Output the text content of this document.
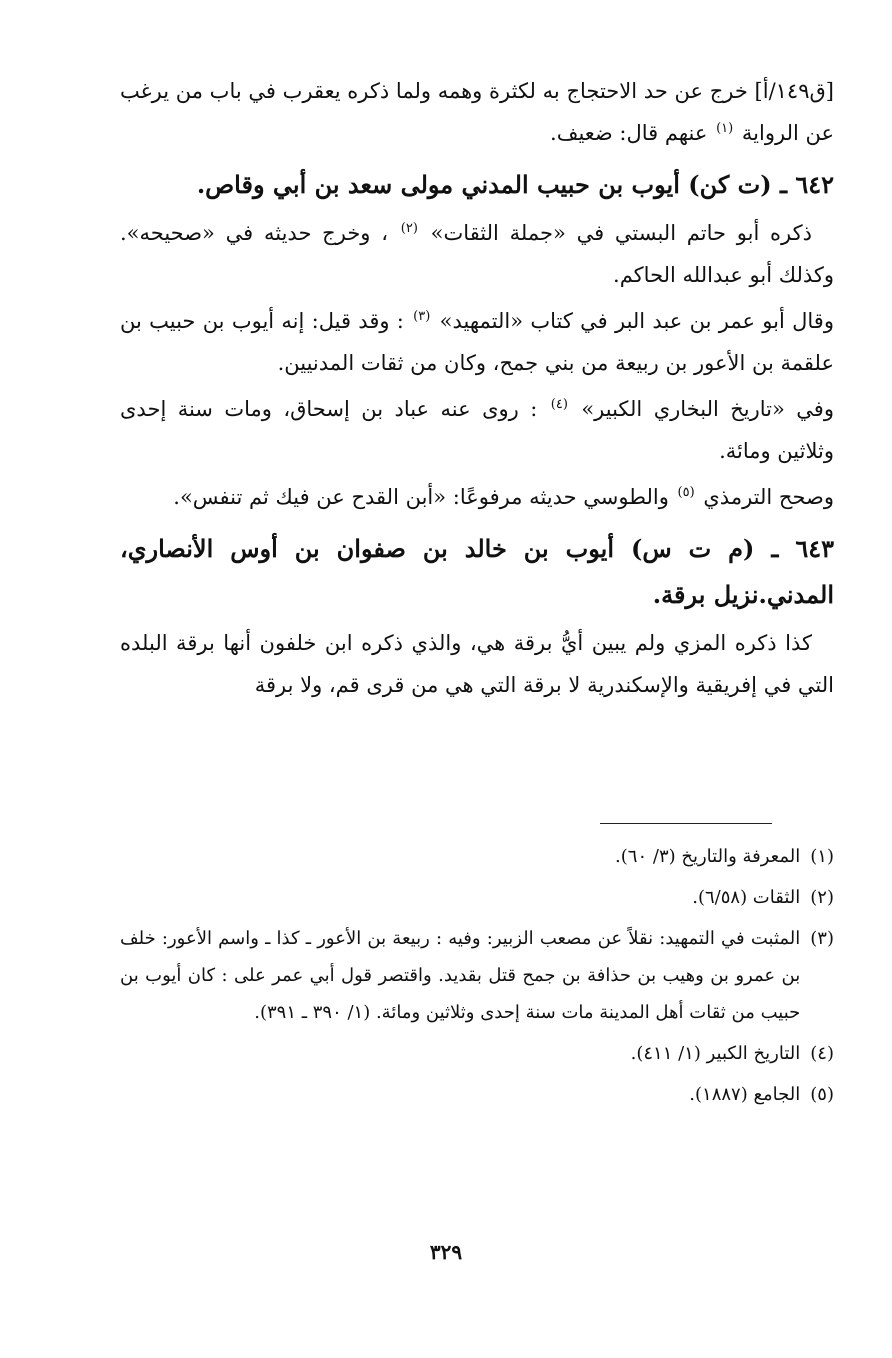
[ق١٤٩/أ] خرج عن حد الاحتجاج به لكثرة وهمه ولما ذكره يعقرب في باب من يرغب عن الرواية $^{(١)}$ عنهم قال: ضعيف.

٦٤٢ ـ (ت كن) أيوب بن حبيب المدني مولى سعد بن أبي وقاص.

ذكره أبو حاتم البستي في «جملة الثقات» $^{(٢)}$ ، وخرج حديثه في «صحيحه». وكذلك أبو عبدالله الحاكم.

وقال أبو عمر بن عبد البر في كتاب «التمهيد» $^{(٣)}$ : وقد قيل: إنه أيوب بن حبيب بن علقمة بن الأعور بن ربيعة من بني جمح، وكان من ثقات المدنيين.

وفي «تاريخ البخاري الكبير» $^{(٤)}$ : روى عنه عباد بن إسحاق، ومات سنة إحدى وثلاثين ومائة.

وصحح الترمذي $^{(٥)}$ والطوسي حديثه مرفوعًا: «أبن القدح عن فيك ثم تنفس».

٦٤٣ ـ (م ت س) أيوب بن خالد بن صفوان بن أوس الأنصاري، المدني.نزيل برقة.

كذا ذكره المزي ولم يبين أيُّ برقة هي، والذي ذكره ابن خلفون أنها برقة البلده التي في إفريقية والإسكندرية لا برقة التي هي من قرى قم، ولا برقة

(١)
المعرفة والتاريخ (٣/ ٦٠).
(٢)
الثقات (٦/٥٨).
(٣)
المثبت في التمهيد: نقلاً عن مصعب الزبير: وفيه : ربيعة بن الأعور ـ كذا ـ واسم الأعور: خلف بن عمرو بن وهيب بن حذافة بن جمح قتل بقديد. واقتصر قول أبي عمر على : كان أيوب بن حبيب من ثقات أهل المدينة مات سنة إحدى وثلاثين ومائة. (١/ ٣٩٠ ـ ٣٩١).
(٤)
التاريخ الكبير (١/ ٤١١).
(٥)
الجامع (١٨٨٧).
٣٢٩
